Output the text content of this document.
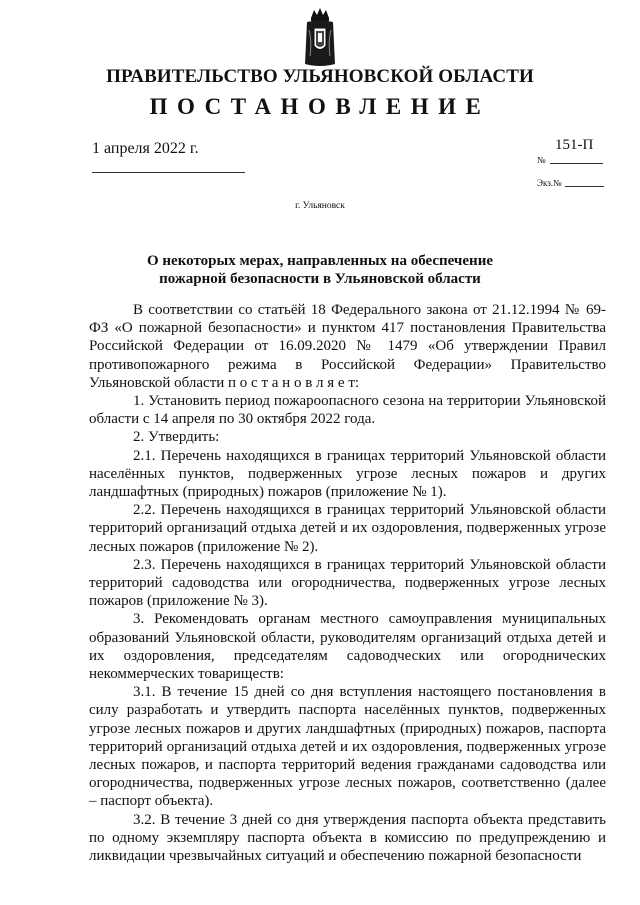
ПРАВИТЕЛЬСТВО УЛЬЯНОВСКОЙ ОБЛАСТИ
ПОСТАНОВЛЕНИЕ
1 апреля 2022 г.	151-П
№
Экз.№
г. Ульяновск
О некоторых мерах, направленных на обеспечение
пожарной безопасности в Ульяновской области

В соответствии со статьёй 18 Федерального закона от 21.12.1994 № 69-ФЗ «О пожарной безопасности» и пунктом 417 постановления Правительства Российской Федерации от 16.09.2020 № 1479 «Об утверждении Правил противопожарного режима в Российской Федерации» Правительство Ульяновской области п о с т а н о в л я е т:

1. Установить период пожароопасного сезона на территории Ульяновской области с 14 апреля по 30 октября 2022 года.

2. Утвердить:

2.1. Перечень находящихся в границах территорий Ульяновской области населённых пунктов, подверженных угрозе лесных пожаров и других ландшафтных (природных) пожаров (приложение № 1).

2.2. Перечень находящихся в границах территорий Ульяновской области территорий организаций отдыха детей и их оздоровления, подверженных угрозе лесных пожаров (приложение № 2).

2.3. Перечень находящихся в границах территорий Ульяновской области территорий садоводства или огородничества, подверженных угрозе лесных пожаров (приложение № 3).

3. Рекомендовать органам местного самоуправления муниципальных образований Ульяновской области, руководителям организаций отдыха детей и их оздоровления, председателям садоводческих или огороднических некоммерческих товариществ:

3.1. В течение 15 дней со дня вступления настоящего постановления в силу разработать и утвердить паспорта населённых пунктов, подверженных угрозе лесных пожаров и других ландшафтных (природных) пожаров, паспорта территорий организаций отдыха детей и их оздоровления, подверженных угрозе лесных пожаров, и паспорта территорий ведения гражданами садоводства или огородничества, подверженных угрозе лесных пожаров, соответственно (далее – паспорт объекта).

3.2. В течение 3 дней со дня утверждения паспорта объекта представить по одному экземпляру паспорта объекта в комиссию по предупреждению и ликвидации чрезвычайных ситуаций и обеспечению пожарной безопасности
